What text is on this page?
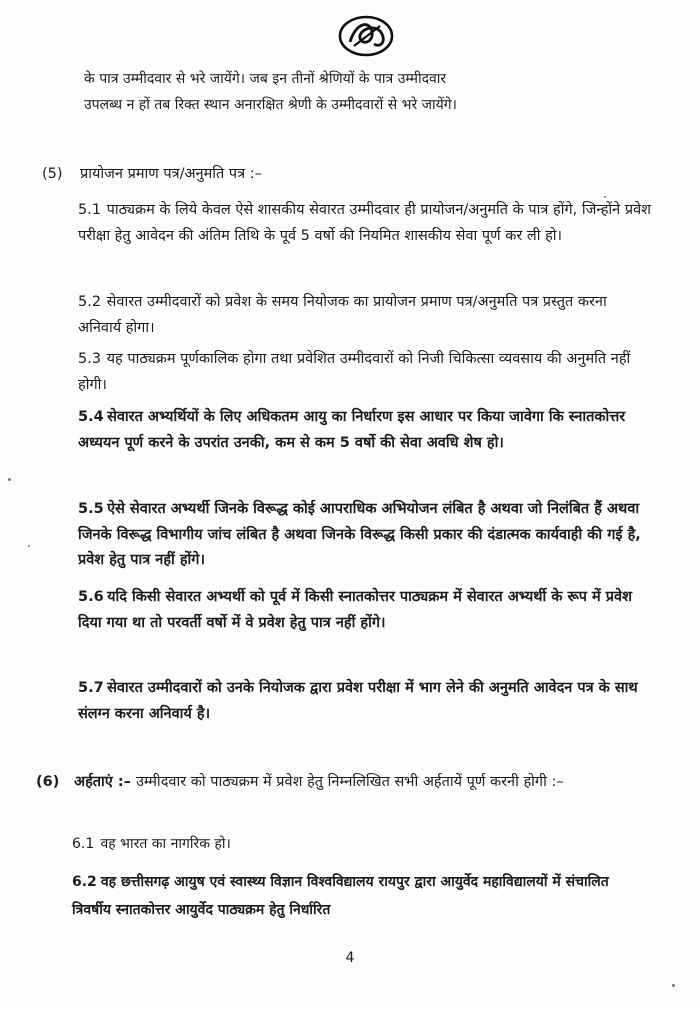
के पात्र उम्मीदवार से भरे जायेंगे। जब इन तीनों श्रेणियों के पात्र उम्मीदवार
उपलब्ध न हों तब रिक्त स्थान अनारक्षित श्रेणी के उम्मीदवारों से भरे जायेंगे।
(5) प्रायोजन प्रमाण पत्र/अनुमति पत्र :–
5.1 पाठ्यक्रम के लिये केवल ऐसे शासकीय सेवारत उम्मीदवार ही प्रायोजन/अनुमति के पात्र होंगे, जिन्होंने प्रवेश परीक्षा हेतु आवेदन की अंतिम तिथि के पूर्व 5 वर्षो की नियमित शासकीय सेवा पूर्ण कर ली हो।
5.2 सेवारत उम्मीदवारों को प्रवेश के समय नियोजक का प्रायोजन प्रमाण पत्र/अनुमति पत्र प्रस्तुत करना अनिवार्य होगा।
5.3 यह पाठ्यक्रम पूर्णकालिक होगा तथा प्रवेशित उम्मीदवारों को निजी चिकित्सा व्यवसाय की अनुमति नहीं होगी।
5.4 सेवारत अभ्यर्थियों के लिए अधिकतम आयु का निर्धारण इस आधार पर किया जावेगा कि स्नातकोत्तर अध्ययन पूर्ण करने के उपरांत उनकी, कम से कम 5 वर्षो की सेवा अवधि शेष हो।
5.5 ऐसे सेवारत अभ्यर्थी जिनके विरूद्ध कोई आपराधिक अभियोजन लंबित है अथवा जो निलंबित हैं अथवा जिनके विरूद्ध विभागीय जांच लंबित है अथवा जिनके विरूद्ध किसी प्रकार की दंडात्मक कार्यवाही की गई है, प्रवेश हेतु पात्र नहीं होंगे।
5.6 यदि किसी सेवारत अभ्यर्थी को पूर्व में किसी स्नातकोत्तर पाठ्यक्रम में सेवारत अभ्यर्थी के रूप में प्रवेश दिया गया था तो परवर्ती वर्षो में वे प्रवेश हेतु पात्र नहीं होंगे।
5.7 सेवारत उम्मीदवारों को उनके नियोजक द्वारा प्रवेश परीक्षा में भाग लेने की अनुमति आवेदन पत्र के साथ संलग्न करना अनिवार्य है।
(6) अर्हताएं :– उम्मीदवार को पाठ्यक्रम में प्रवेश हेतु निम्नलिखित सभी अर्हतायें पूर्ण करनी होगी :–
6.1 वह भारत का नागरिक हो।
6.2 वह छत्तीसगढ़ आयुष एवं स्वास्थ्य विज्ञान विश्वविद्यालय रायपुर द्वारा आयुर्वेद महाविद्यालयों में संचालित त्रिवर्षीय स्नातकोत्तर आयुर्वेद पाठ्यक्रम हेतु निर्धारित
4
